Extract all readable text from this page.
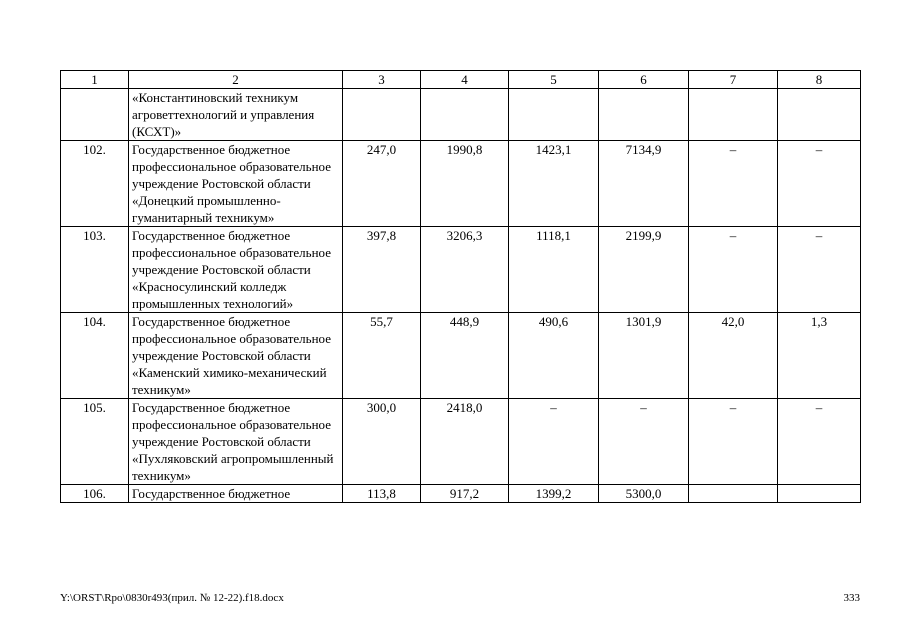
1	2	3	4	5	6	7	8
	«Константиновский техникум агроветтехнологий и управления (КСХТ)»						
102.	Государственное бюджетное профессиональное образовательное учреждение Ростовской области «Донецкий промышленно-гуманитарный техникум»	247,0	1990,8	1423,1	7134,9	–	–
103.	Государственное бюджетное профессиональное образовательное учреждение Ростовской области «Красносулинский колледж промышленных технологий»	397,8	3206,3	1118,1	2199,9	–	–
104.	Государственное бюджетное профессиональное образовательное учреждение Ростовской области «Каменский химико-механический техникум»	55,7	448,9	490,6	1301,9	42,0	1,3
105.	Государственное бюджетное профессиональное образовательное учреждение Ростовской области «Пухляковский агропромышленный техникум»	300,0	2418,0	–	–	–	–
106.	Государственное бюджетное	113,8	917,2	1399,2	5300,0		
Y:\ORST\Rpo\0830r493(прил. № 12-22).f18.docx	333
